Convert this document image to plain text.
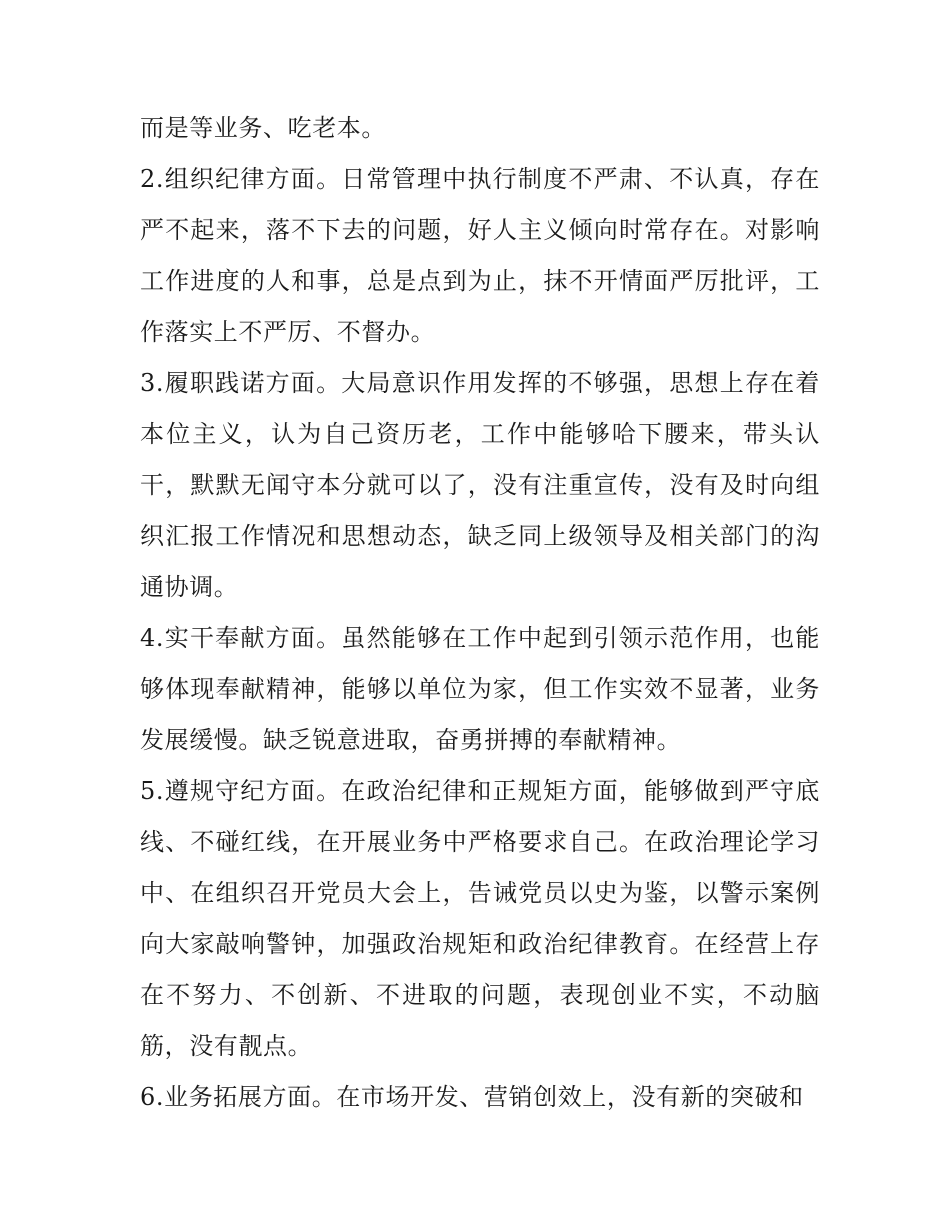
而是等业务、吃老本。

2.组织纪律方面。日常管理中执行制度不严肃、不认真，存在严不起来，落不下去的问题，好人主义倾向时常存在。对影响工作进度的人和事，总是点到为止，抹不开情面严厉批评，工作落实上不严厉、不督办。

3.履职践诺方面。大局意识作用发挥的不够强，思想上存在着本位主义，认为自己资历老，工作中能够哈下腰来，带头认干，默默无闻守本分就可以了，没有注重宣传，没有及时向组织汇报工作情况和思想动态，缺乏同上级领导及相关部门的沟通协调。

4.实干奉献方面。虽然能够在工作中起到引领示范作用，也能够体现奉献精神，能够以单位为家，但工作实效不显著，业务发展缓慢。缺乏锐意进取，奋勇拼搏的奉献精神。

5.遵规守纪方面。在政治纪律和正规矩方面，能够做到严守底线、不碰红线，在开展业务中严格要求自己。在政治理论学习中、在组织召开党员大会上，告诫党员以史为鉴，以警示案例向大家敲响警钟，加强政治规矩和政治纪律教育。在经营上存在不努力、不创新、不进取的问题，表现创业不实，不动脑筋，没有靓点。

6.业务拓展方面。在市场开发、营销创效上，没有新的突破和
